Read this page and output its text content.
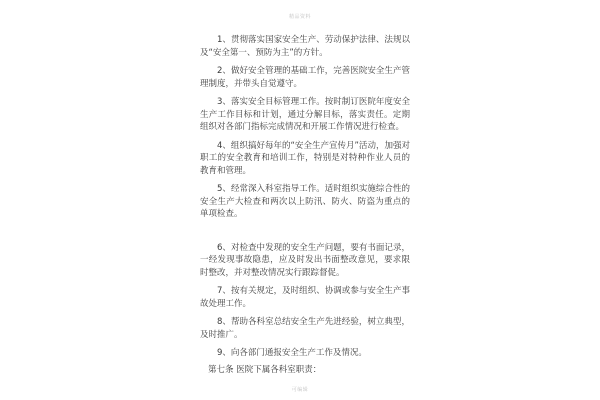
精品资料

1、贯彻落实国家安全生产、劳动保护法律、法规以及“安全第一、预防为主”的方针。

2、做好安全管理的基础工作，完善医院安全生产管理制度，并带头自觉遵守。

3、落实安全目标管理工作。按时制订医院年度安全生产工作目标和计划，通过分解目标，落实责任。定期组织对各部门指标完成情况和开展工作情况进行检查。

4、组织搞好每年的“安全生产宣传月”活动，加强对职工的安全教育和培训工作，特别是对特种作业人员的教育和管理。

5、经常深入科室指导工作。适时组织实施综合性的安全生产大检查和两次以上防汛、防火、防盗为重点的单项检查。

6、对检查中发现的安全生产问题，要有书面记录，一经发现事故隐患，应及时发出书面整改意见，要求限时整改，并对整改情况实行跟踪督促。

7、按有关规定，及时组织、协调或参与安全生产事故处理工作。

8、帮助各科室总结安全生产先进经验，树立典型，及时推广。

9、向各部门通报安全生产工作及情况。

第七条 医院下属各科室职责：

可编辑
